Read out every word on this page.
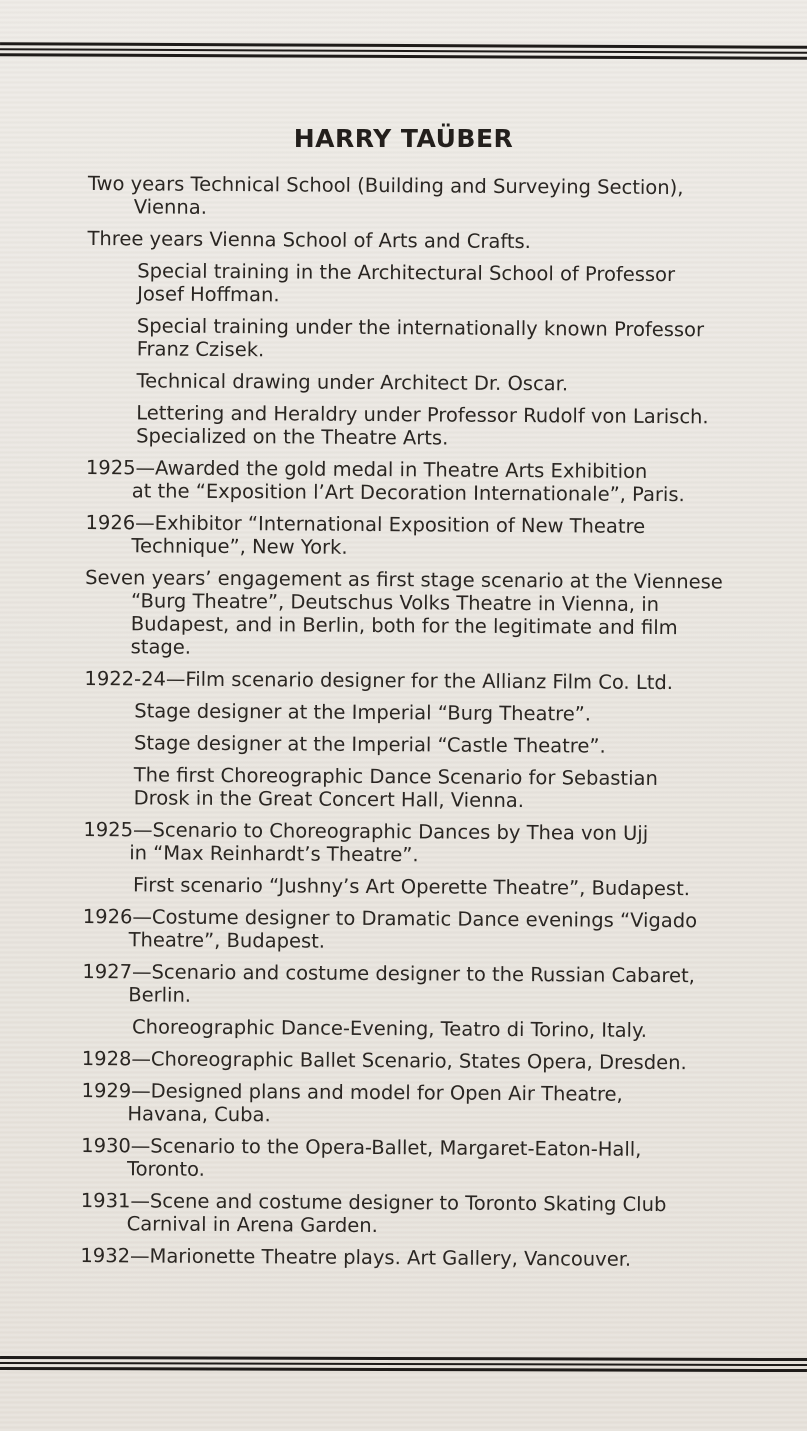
HARRY TAÜBER
Two years Technical School (Building and Surveying Section),
Vienna.
Three years Vienna School of Arts and Crafts.
Special training in the Architectural School of Professor
Josef Hoffman.
Special training under the internationally known Professor
Franz Czisek.
Technical drawing under Architect Dr. Oscar.
Lettering and Heraldry under Professor Rudolf von Larisch.
Specialized on the Theatre Arts.
1925—Awarded the gold medal in Theatre Arts Exhibition
at the “Exposition l’Art Decoration Internationale”, Paris.
1926—Exhibitor “International Exposition of New Theatre
Technique”, New York.
Seven years’ engagement as first stage scenario at the Viennese
“Burg Theatre”, Deutschus Volks Theatre in Vienna, in Budapest, and in Berlin, both for the legitimate and film stage.
1922-24—Film scenario designer for the Allianz Film Co. Ltd.
Stage designer at the Imperial “Burg Theatre”.
Stage designer at the Imperial “Castle Theatre”.
The first Choreographic Dance Scenario for Sebastian
Drosk in the Great Concert Hall, Vienna.
1925—Scenario to Choreographic Dances by Thea von Ujj
in “Max Reinhardt’s Theatre”.
First scenario “Jushny’s Art Operette Theatre”, Budapest.
1926—Costume designer to Dramatic Dance evenings “Vigado
Theatre”, Budapest.
1927—Scenario and costume designer to the Russian Cabaret,
Berlin.
Choreographic Dance-Evening, Teatro di Torino, Italy.
1928—Choreographic Ballet Scenario, States Opera, Dresden.
1929—Designed plans and model for Open Air Theatre,
Havana, Cuba.
1930—Scenario to the Opera-Ballet, Margaret-Eaton-Hall,
Toronto.
1931—Scene and costume designer to Toronto Skating Club
Carnival in Arena Garden.
1932—Marionette Theatre plays. Art Gallery, Vancouver.
